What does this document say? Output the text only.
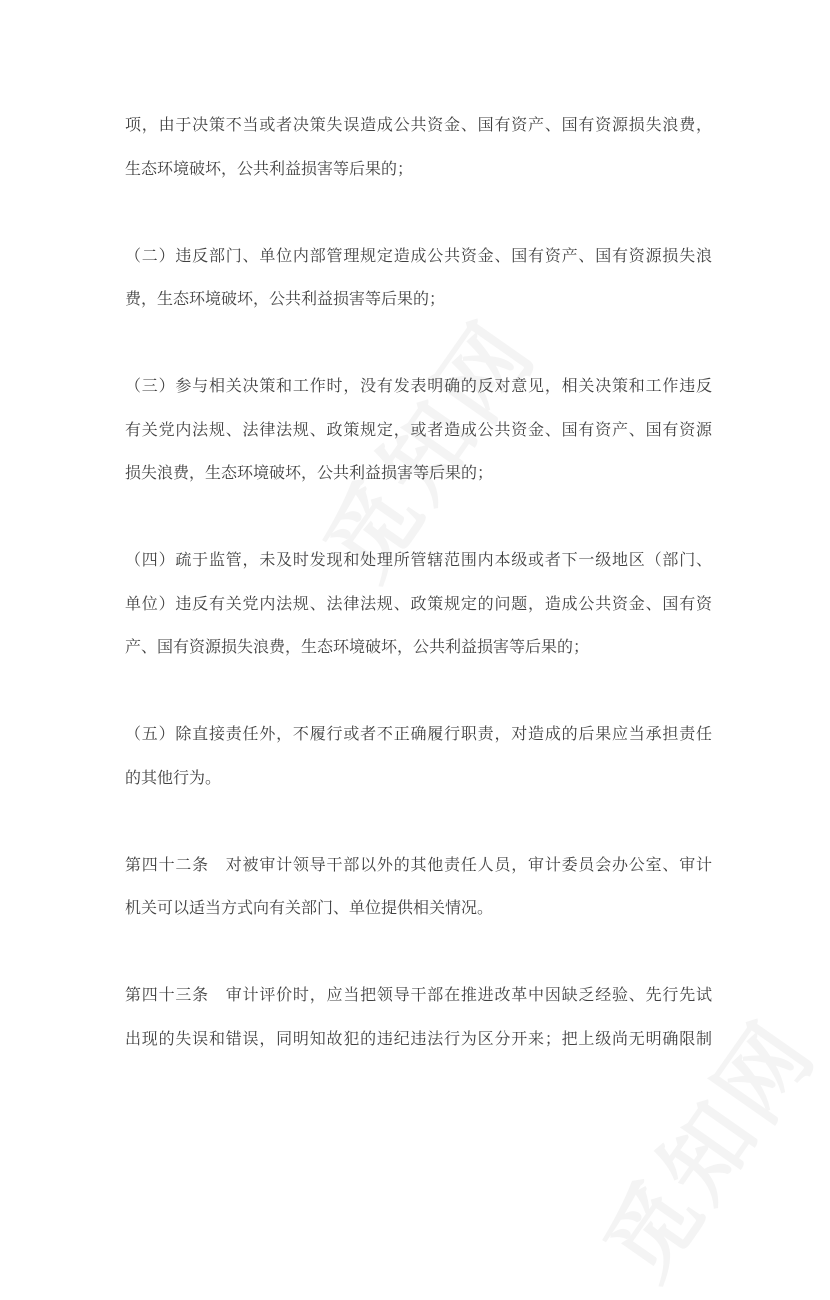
项，由于决策不当或者决策失误造成公共资金、国有资产、国有资源损失浪费，
生态环境破坏，公共利益损害等后果的；
（二）违反部门、单位内部管理规定造成公共资金、国有资产、国有资源损失浪
费，生态环境破坏，公共利益损害等后果的；
（三）参与相关决策和工作时，没有发表明确的反对意见，相关决策和工作违反
有关党内法规、法律法规、政策规定，或者造成公共资金、国有资产、国有资源
损失浪费，生态环境破坏，公共利益损害等后果的；
（四）疏于监管，未及时发现和处理所管辖范围内本级或者下一级地区（部门、
单位）违反有关党内法规、法律法规、政策规定的问题，造成公共资金、国有资
产、国有资源损失浪费，生态环境破坏，公共利益损害等后果的；
（五）除直接责任外，不履行或者不正确履行职责，对造成的后果应当承担责任
的其他行为。
第四十二条　对被审计领导干部以外的其他责任人员，审计委员会办公室、审计
机关可以适当方式向有关部门、单位提供相关情况。
第四十三条　审计评价时，应当把领导干部在推进改革中因缺乏经验、先行先试
出现的失误和错误，同明知故犯的违纪违法行为区分开来；把上级尚无明确限制
